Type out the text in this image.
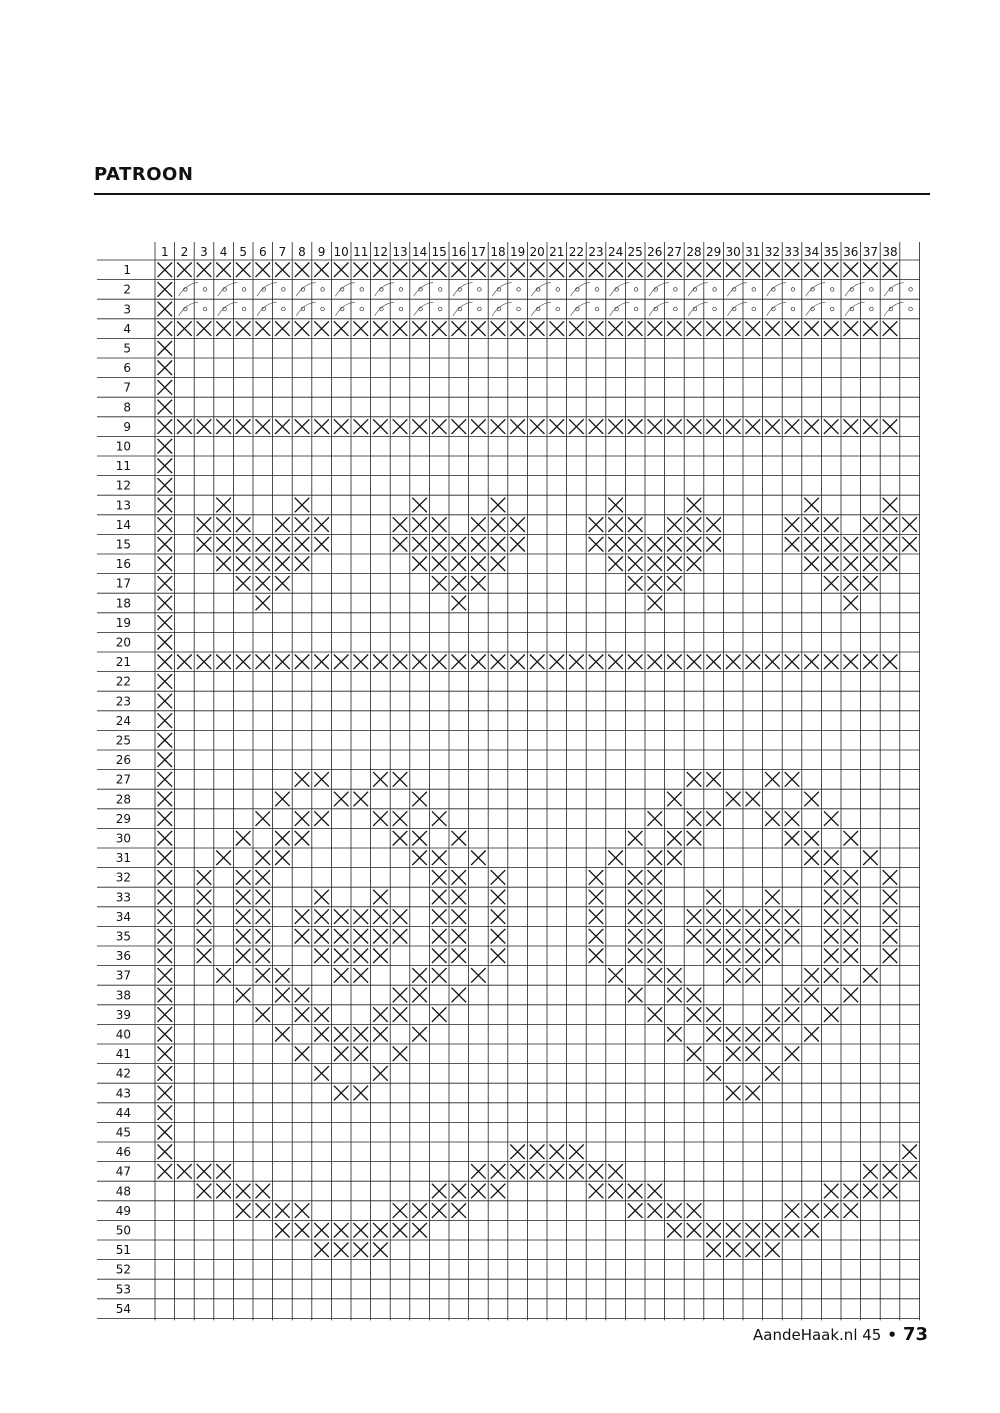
PATROON
1 2 3 4 5 6 7 8 9 10 11 12 13 14 15 16 17 18 19 20 21 22 23 24 25 26 27 28 29 30 31 32 33 34 35 36 37 38
1
2
3
4
5
6
7
8
9
10
11
12
13
14
15
16
17
18
19
20
21
22
23
24
25
26
27
28
29
30
31
32
33
34
35
36
37
38
39
40
41
42
43
44
45
46
47
48
49
50
51
52
53
54
AandeHaak.nl 45 • 73
